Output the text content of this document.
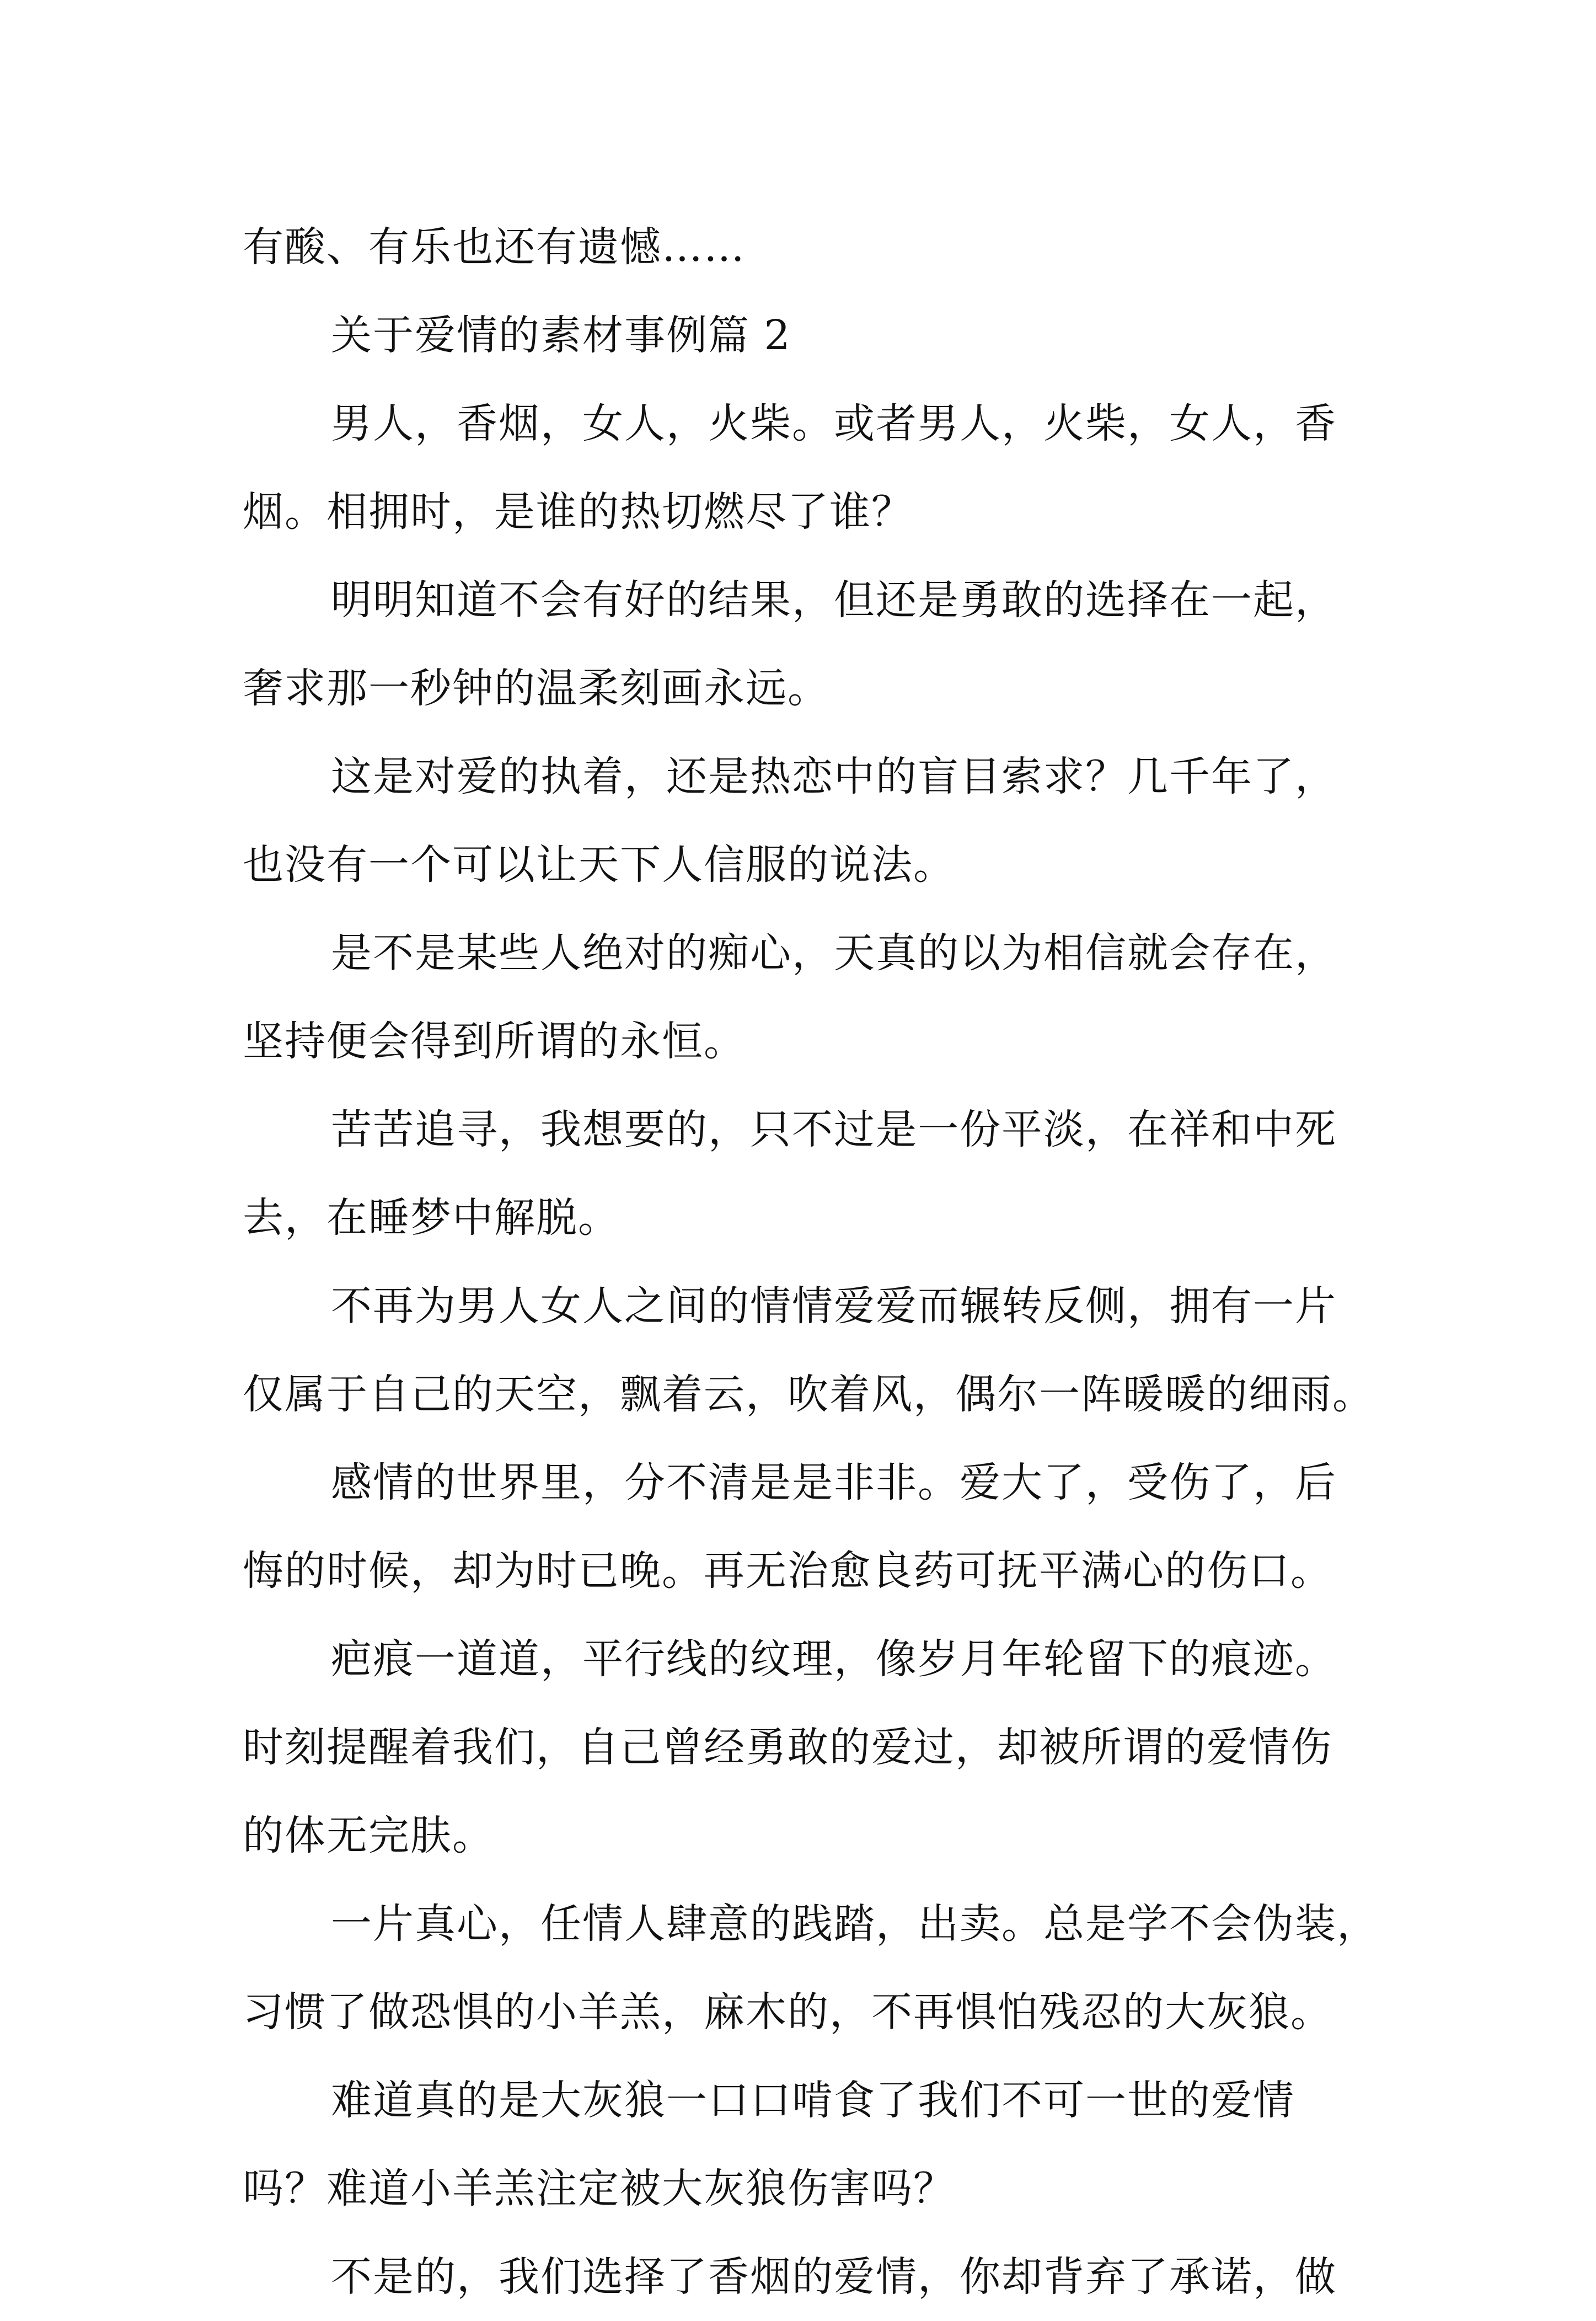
有酸、有乐也还有遗憾……
关于爱情的素材事例篇 2
男人，香烟，女人，火柴。或者男人，火柴，女人，香
烟。相拥时，是谁的热切燃尽了谁？
明明知道不会有好的结果，但还是勇敢的选择在一起，
奢求那一秒钟的温柔刻画永远。
这是对爱的执着，还是热恋中的盲目索求？几千年了，
也没有一个可以让天下人信服的说法。
是不是某些人绝对的痴心，天真的以为相信就会存在，
坚持便会得到所谓的永恒。
苦苦追寻，我想要的，只不过是一份平淡，在祥和中死
去，在睡梦中解脱。
不再为男人女人之间的情情爱爱而辗转反侧，拥有一片
仅属于自己的天空，飘着云，吹着风，偶尔一阵暖暖的细雨。
感情的世界里，分不清是是非非。爱大了，受伤了，后
悔的时候，却为时已晚。再无治愈良药可抚平满心的伤口。
疤痕一道道，平行线的纹理，像岁月年轮留下的痕迹。
时刻提醒着我们，自己曾经勇敢的爱过，却被所谓的爱情伤
的体无完肤。
一片真心，任情人肆意的践踏，出卖。总是学不会伪装，
习惯了做恐惧的小羊羔，麻木的，不再惧怕残忍的大灰狼。
难道真的是大灰狼一口口啃食了我们不可一世的爱情
吗？难道小羊羔注定被大灰狼伤害吗？
不是的，我们选择了香烟的爱情，你却背弃了承诺，做
